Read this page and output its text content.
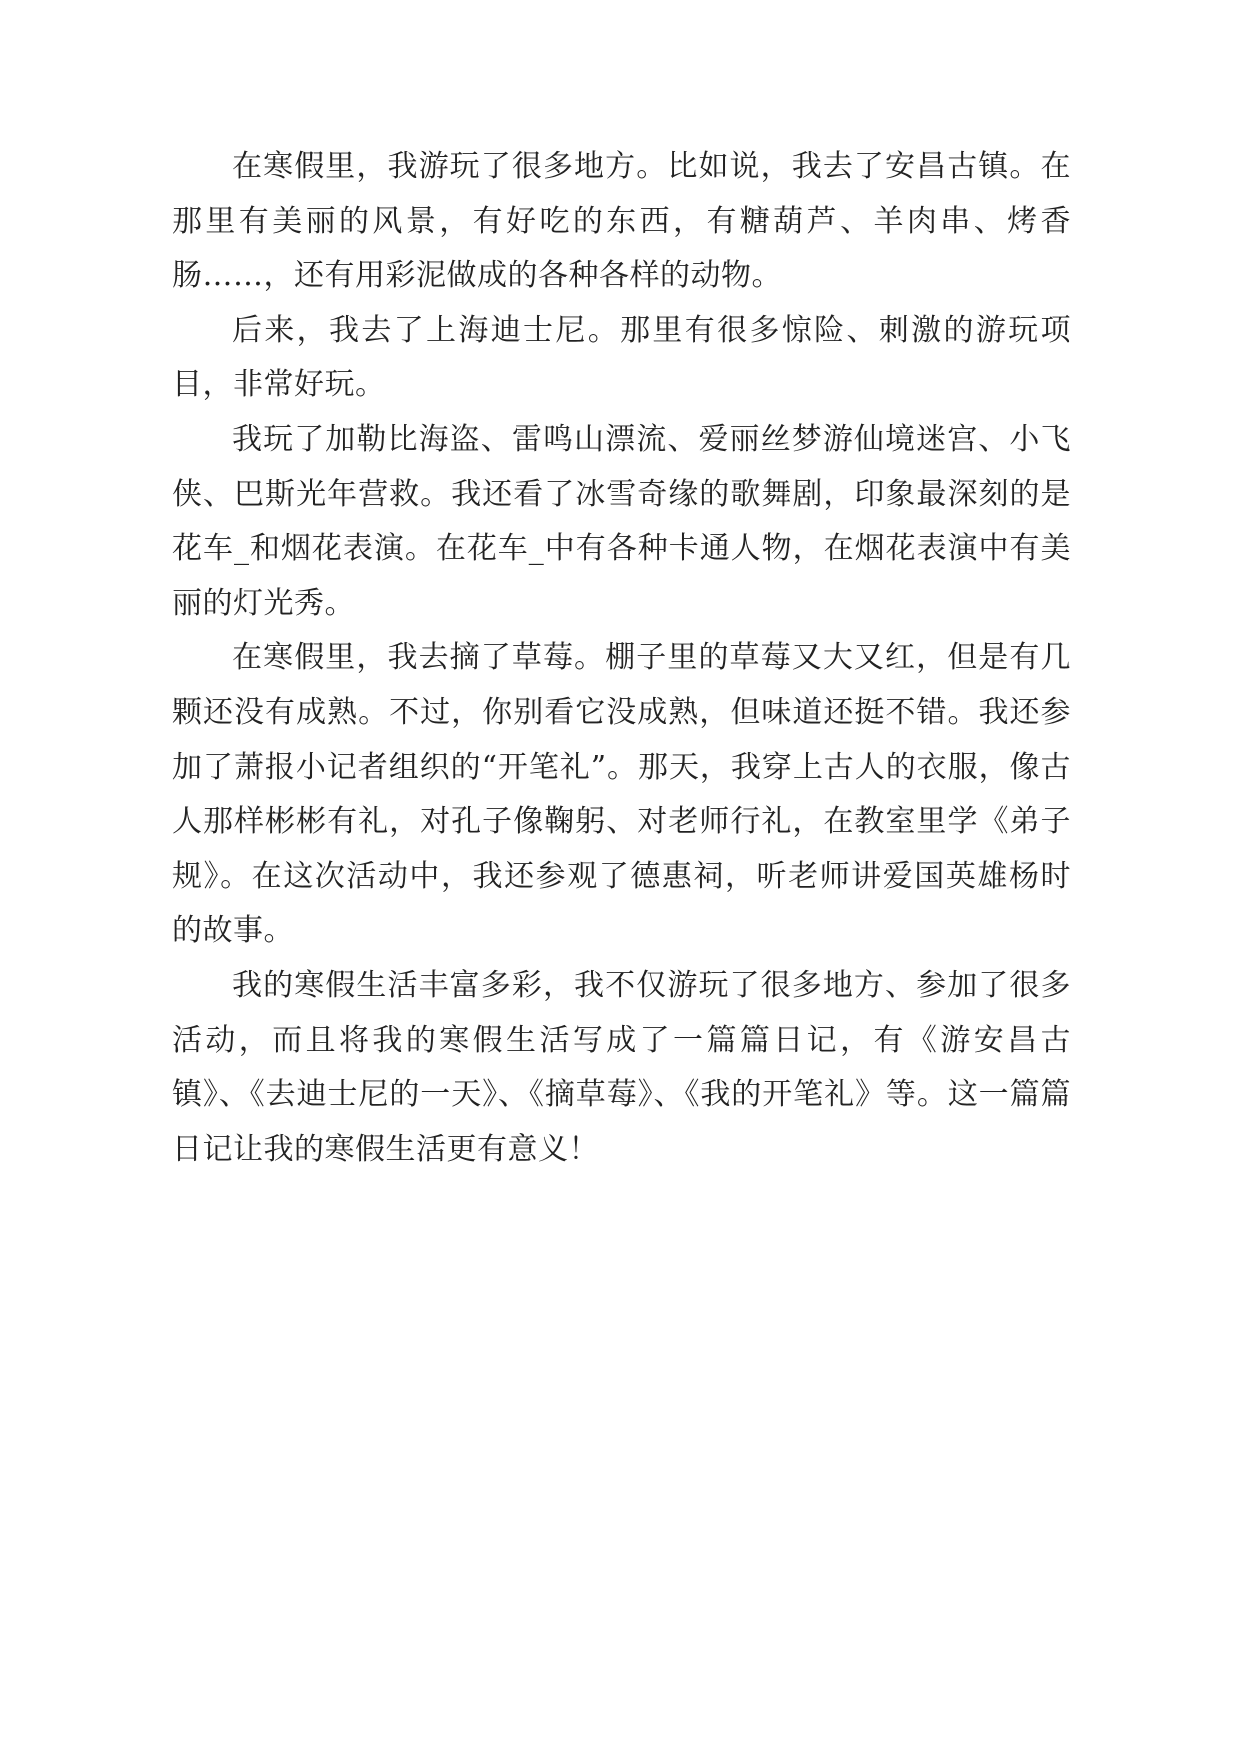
在寒假里，我游玩了很多地方。比如说，我去了安昌古镇。在那里有美丽的风景，有好吃的东西，有糖葫芦、羊肉串、烤香肠……，还有用彩泥做成的各种各样的动物。

后来，我去了上海迪士尼。那里有很多惊险、刺激的游玩项目，非常好玩。

我玩了加勒比海盗、雷鸣山漂流、爱丽丝梦游仙境迷宫、小飞侠、巴斯光年营救。我还看了冰雪奇缘的歌舞剧，印象最深刻的是花车_和烟花表演。在花车_中有各种卡通人物，在烟花表演中有美丽的灯光秀。

在寒假里，我去摘了草莓。棚子里的草莓又大又红，但是有几颗还没有成熟。不过，你别看它没成熟，但味道还挺不错。我还参加了萧报小记者组织的“开笔礼”。那天，我穿上古人的衣服，像古人那样彬彬有礼，对孔子像鞠躬、对老师行礼，在教室里学《弟子规》。在这次活动中，我还参观了德惠祠，听老师讲爱国英雄杨时的故事。

我的寒假生活丰富多彩，我不仅游玩了很多地方、参加了很多活动，而且将我的寒假生活写成了一篇篇日记，有《游安昌古镇》、《去迪士尼的一天》、《摘草莓》、《我的开笔礼》等。这一篇篇日记让我的寒假生活更有意义！
